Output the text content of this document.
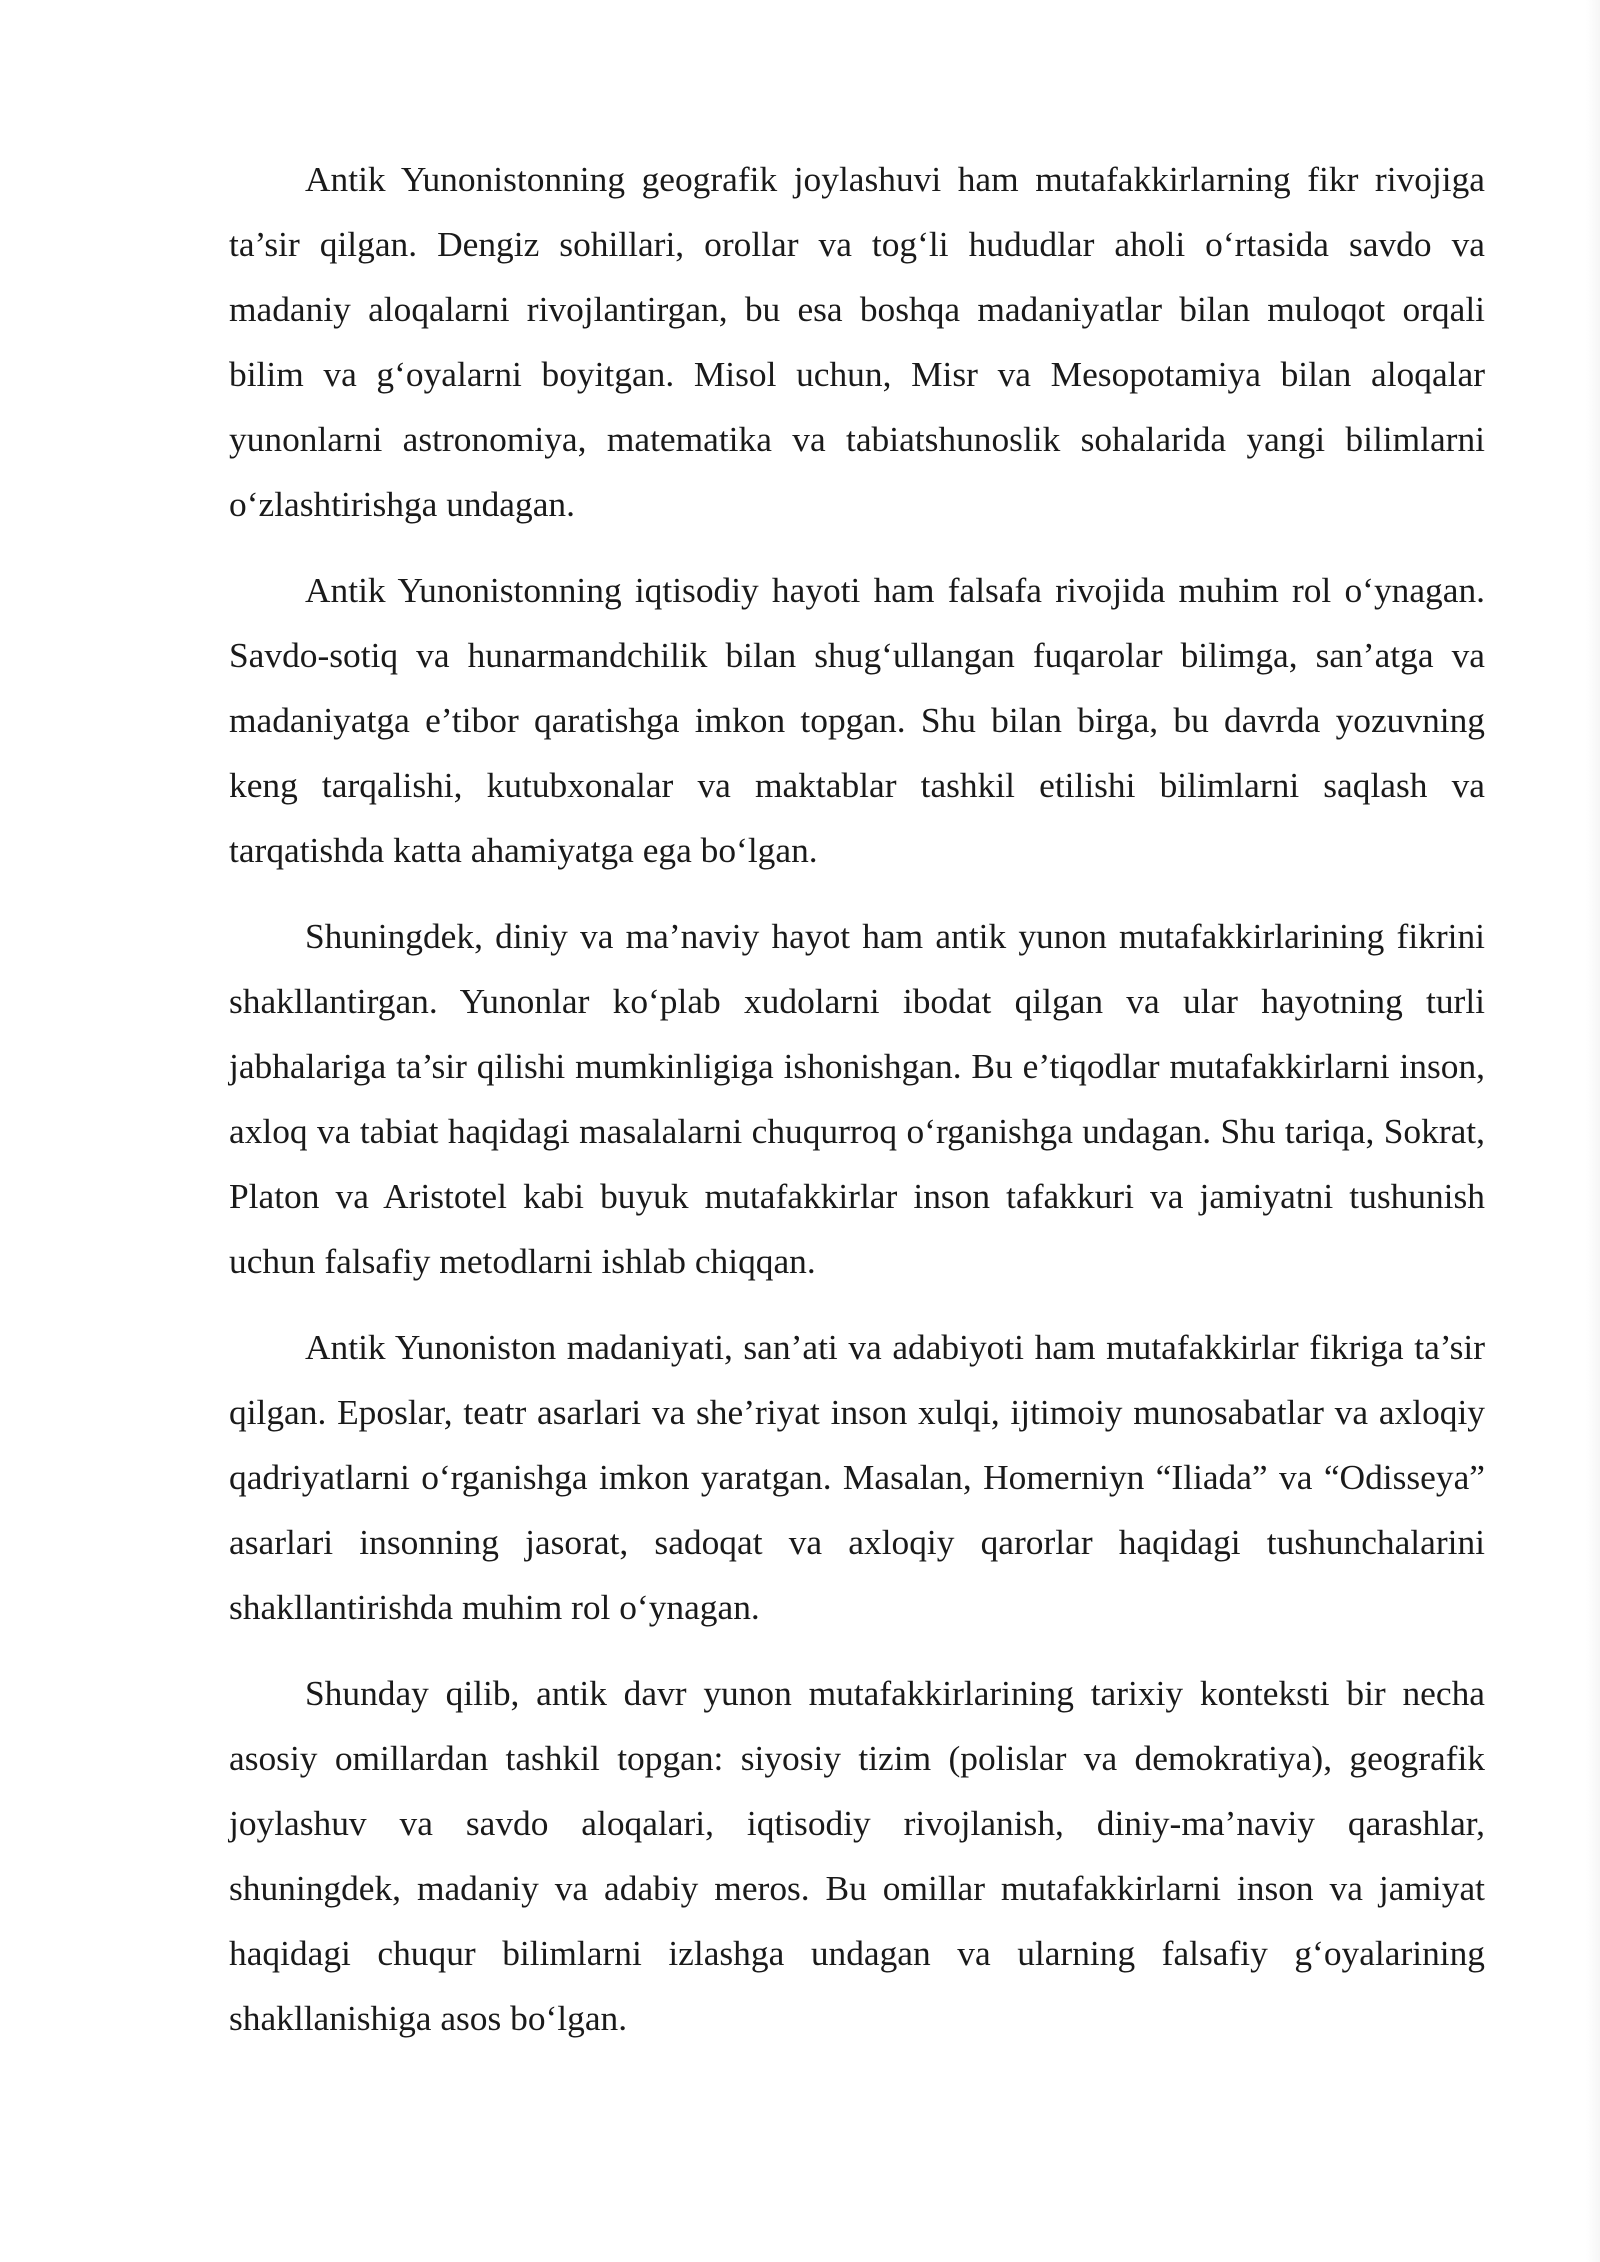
Antik Yunonistonning geografik joylashuvi ham mutafakkirlarning fikr rivojiga ta’sir qilgan. Dengiz sohillari, orollar va tog‘li hududlar aholi o‘rtasida savdo va madaniy aloqalarni rivojlantirgan, bu esa boshqa madaniyatlar bilan muloqot orqali bilim va g‘oyalarni boyitgan. Misol uchun, Misr va Mesopotamiya bilan aloqalar yunonlarni astronomiya, matematika va tabiatshunoslik sohalarida yangi bilimlarni o‘zlashtirishga undagan.

Antik Yunonistonning iqtisodiy hayoti ham falsafa rivojida muhim rol o‘ynagan. Savdo-sotiq va hunarmandchilik bilan shug‘ullangan fuqarolar bilimga, san’atga va madaniyatga e’tibor qaratishga imkon topgan. Shu bilan birga, bu davrda yozuvning keng tarqalishi, kutubxonalar va maktablar tashkil etilishi bilimlarni saqlash va tarqatishda katta ahamiyatga ega bo‘lgan.

Shuningdek, diniy va ma’naviy hayot ham antik yunon mutafakkirlarining fikrini shakllantirgan. Yunonlar ko‘plab xudolarni ibodat qilgan va ular hayotning turli jabhalariga ta’sir qilishi mumkinligiga ishonishgan. Bu e’tiqodlar mutafakkirlarni inson, axloq va tabiat haqidagi masalalarni chuqurroq o‘rganishga undagan. Shu tariqa, Sokrat, Platon va Aristotel kabi buyuk mutafakkirlar inson tafakkuri va jamiyatni tushunish uchun falsafiy metodlarni ishlab chiqqan.

Antik Yunoniston madaniyati, san’ati va adabiyoti ham mutafakkirlar fikriga ta’sir qilgan. Eposlar, teatr asarlari va she’riyat inson xulqi, ijtimoiy munosabatlar va axloqiy qadriyatlarni o‘rganishga imkon yaratgan. Masalan, Homerniyn “Iliada” va “Odisseya” asarlari insonning jasorat, sadoqat va axloqiy qarorlar haqidagi tushunchalarini shakllantirishda muhim rol o‘ynagan.

Shunday qilib, antik davr yunon mutafakkirlarining tarixiy konteksti bir necha asosiy omillardan tashkil topgan: siyosiy tizim (polislar va demokratiya), geografik joylashuv va savdo aloqalari, iqtisodiy rivojlanish, diniy-ma’naviy qarashlar, shuningdek, madaniy va adabiy meros. Bu omillar mutafakkirlarni inson va jamiyat haqidagi chuqur bilimlarni izlashga undagan va ularning falsafiy g‘oyalarining shakllanishiga asos bo‘lgan.
